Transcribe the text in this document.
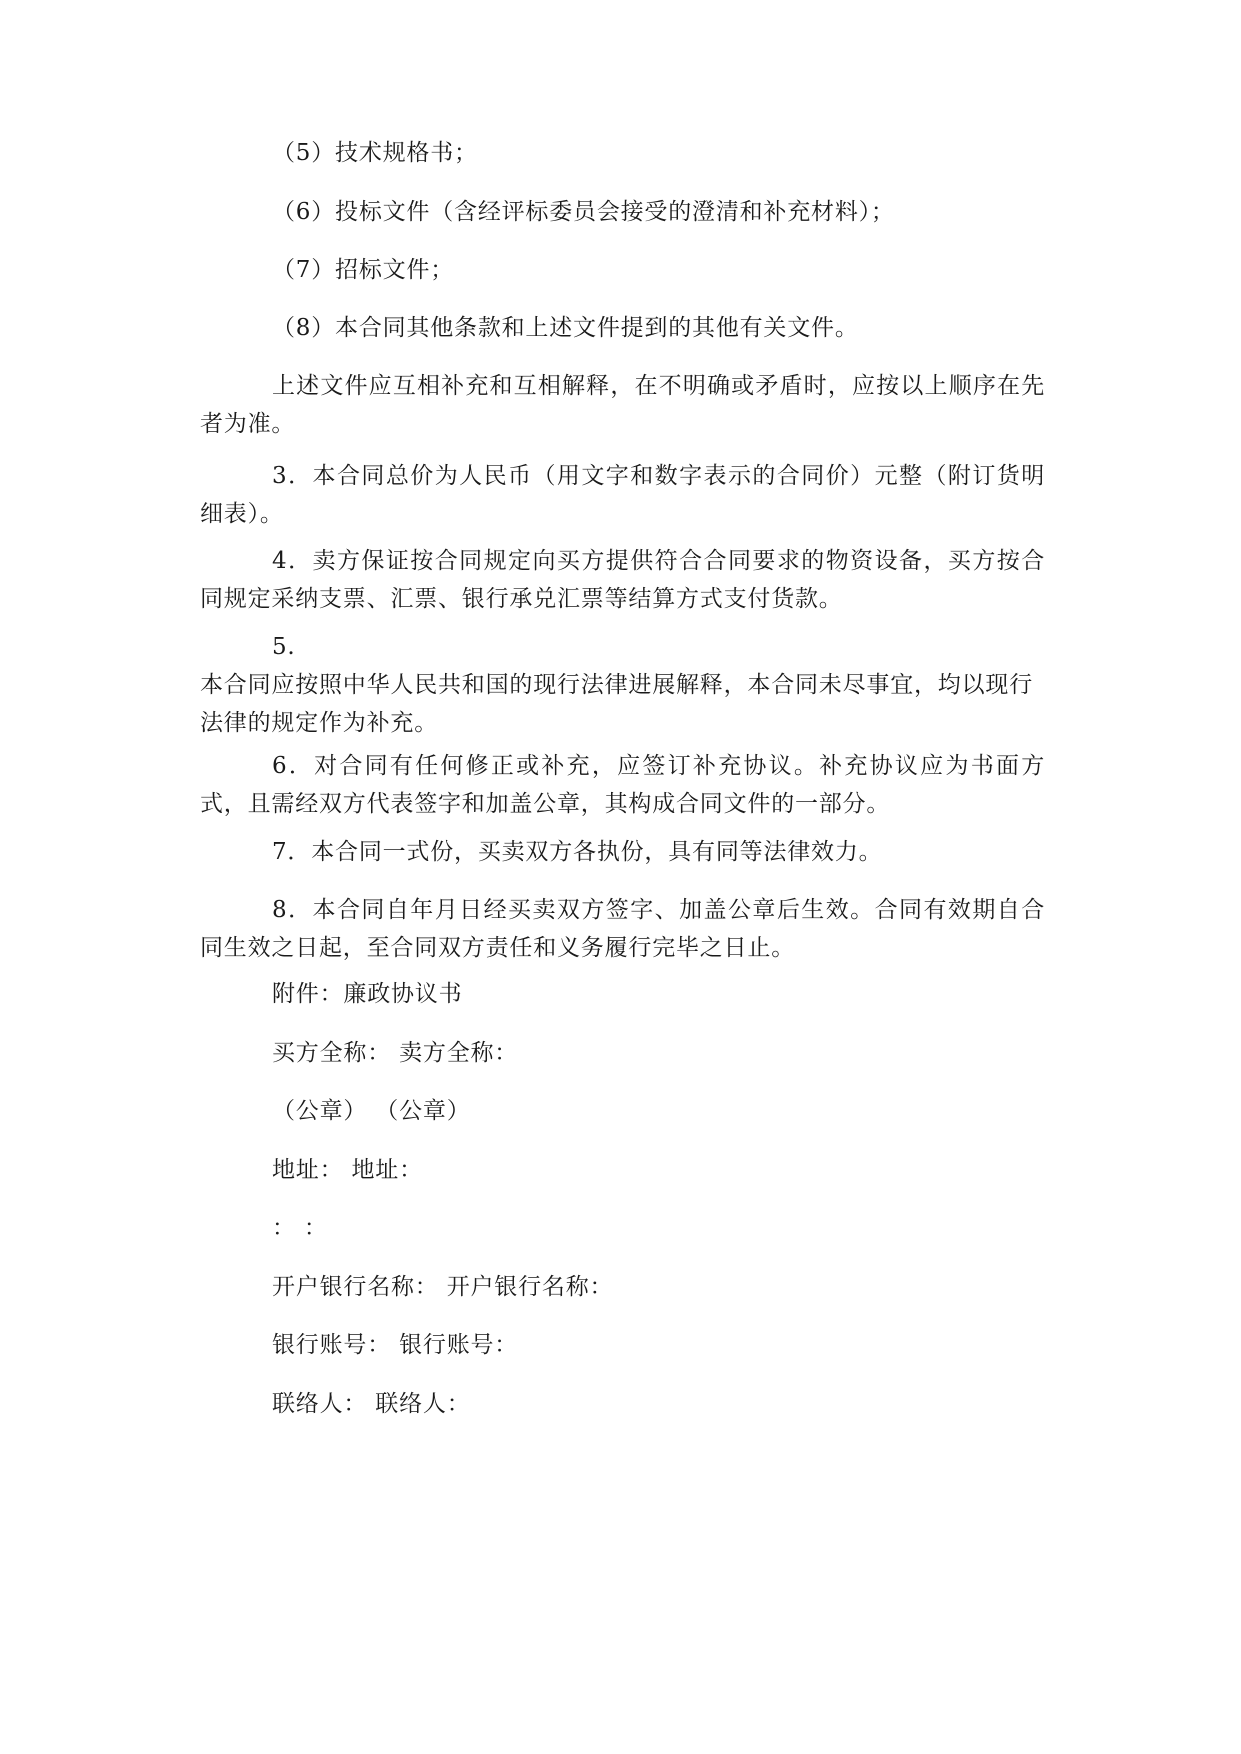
（5）技术规格书；
（6）投标文件（含经评标委员会接受的澄清和补充材料）；
（7）招标文件；
（8）本合同其他条款和上述文件提到的其他有关文件。
上述文件应互相补充和互相解释，在不明确或矛盾时，应按以上顺序在先者为准。
3．本合同总价为人民币（用文字和数字表示的合同价）元整（附订货明细表）。
4．卖方保证按合同规定向买方提供符合合同要求的物资设备，买方按合同规定采纳支票、汇票、银行承兑汇票等结算方式支付货款。
5.
本合同应按照中华人民共和国的现行法律进展解释，本合同未尽事宜，均以现行法律的规定作为补充。
6．对合同有任何修正或补充，应签订补充协议。补充协议应为书面方式，且需经双方代表签字和加盖公章，其构成合同文件的一部分。
7．本合同一式份，买卖双方各执份，具有同等法律效力。
8．本合同自年月日经买卖双方签字、加盖公章后生效。合同有效期自合同生效之日起，至合同双方责任和义务履行完毕之日止。
附件：廉政协议书
买方全称： 卖方全称：
（公章） （公章）
地址： 地址：
： ：
开户银行名称： 开户银行名称：
银行账号： 银行账号：
联络人： 联络人：
